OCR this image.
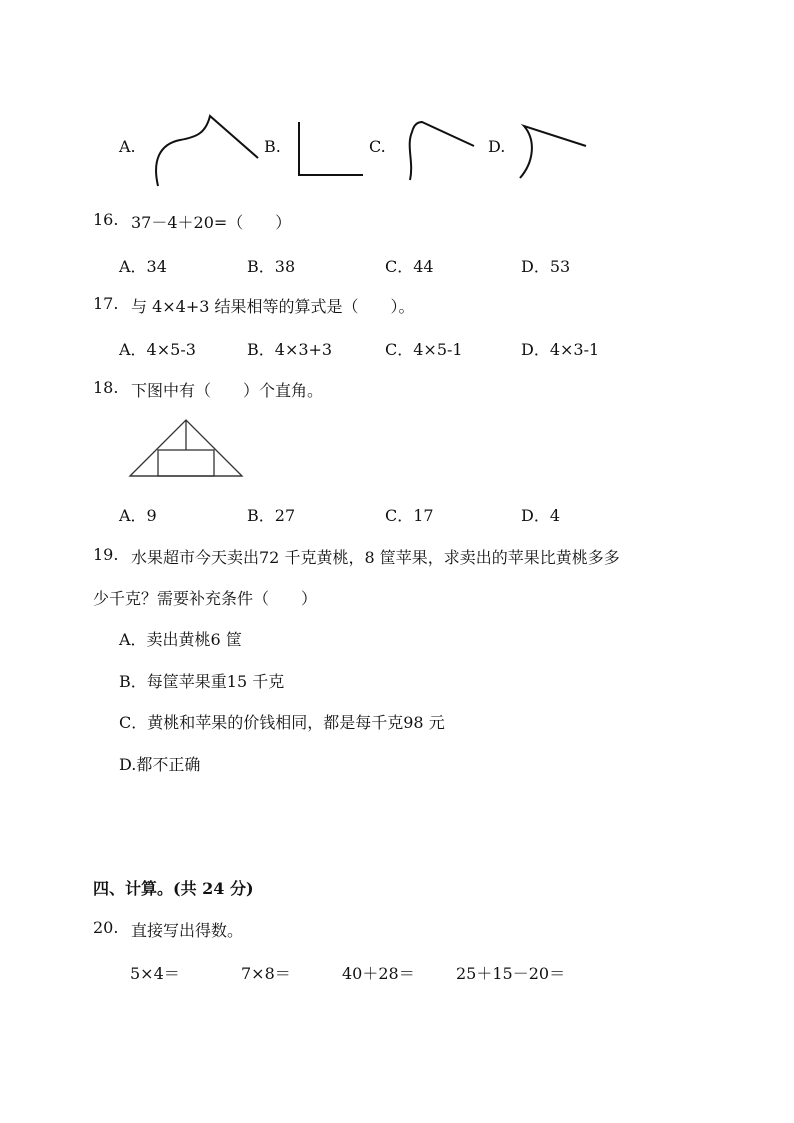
A.	B.	C.	D.
16. 37－4＋20=（　　）
A．34	B．38	C．44	D．53
17. 与 4×4+3 结果相等的算式是（　　）。
A．4×5-3	B．4×3+3	C．4×5-1	D．4×3-1
18. 下图中有（　　）个直角。
A．9	B．27	C．17	D．4
19. 水果超市今天卖出72 千克黄桃，8 筐苹果，求卖出的苹果比黄桃多多
少千克？需要补充条件（　　）
A．卖出黄桃6 筐
B．每筐苹果重15 千克
C．黄桃和苹果的价钱相同，都是每千克98 元
D.都不正确
四、计算。(共 24 分)
20. 直接写出得数。
5×4＝	7×8＝	40＋28＝	25＋15－20＝
